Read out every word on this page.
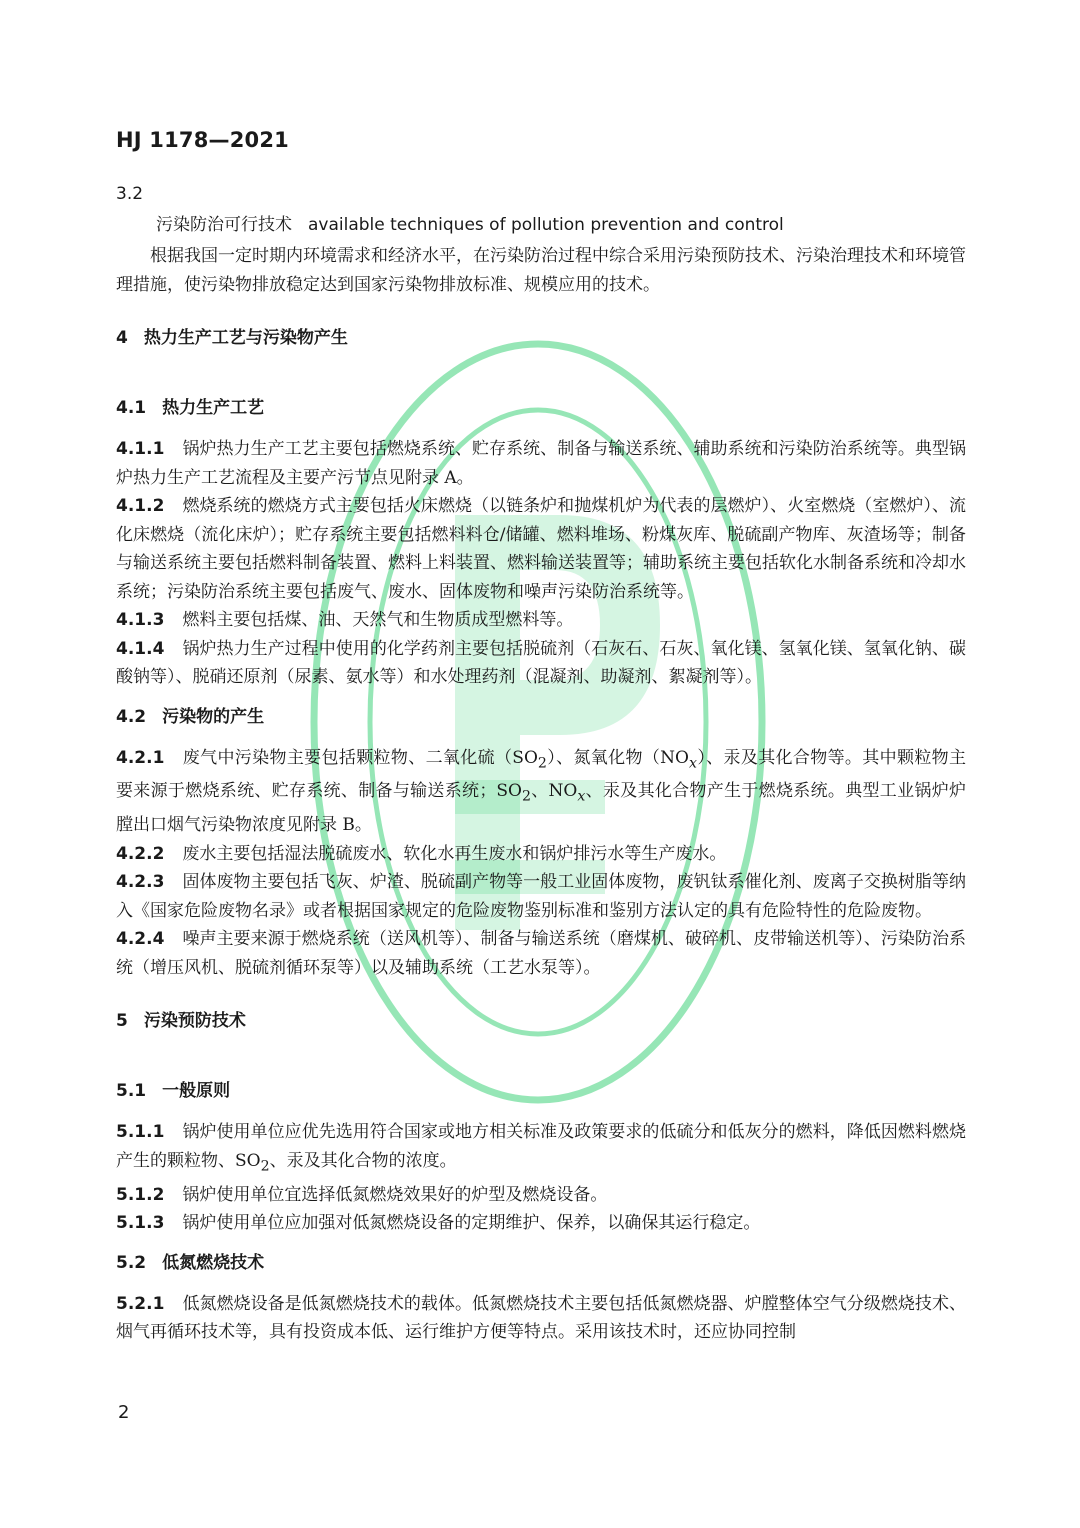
HJ 1178—2021

3.2

污染防治可行技术 available techniques of pollution prevention and control

根据我国一定时期内环境需求和经济水平，在污染防治过程中综合采用污染预防技术、污染治理技术和环境管理措施，使污染物排放稳定达到国家污染物排放标准、规模应用的技术。

4 热力生产工艺与污染物产生
4.1 热力生产工艺

4.1.1 锅炉热力生产工艺主要包括燃烧系统、贮存系统、制备与输送系统、辅助系统和污染防治系统等。典型锅炉热力生产工艺流程及主要产污节点见附录 A。

4.1.2 燃烧系统的燃烧方式主要包括火床燃烧（以链条炉和抛煤机炉为代表的层燃炉）、火室燃烧（室燃炉）、流化床燃烧（流化床炉）；贮存系统主要包括燃料料仓/储罐、燃料堆场、粉煤灰库、脱硫副产物库、灰渣场等；制备与输送系统主要包括燃料制备装置、燃料上料装置、燃料输送装置等；辅助系统主要包括软化水制备系统和冷却水系统；污染防治系统主要包括废气、废水、固体废物和噪声污染防治系统等。

4.1.3 燃料主要包括煤、油、天然气和生物质成型燃料等。

4.1.4 锅炉热力生产过程中使用的化学药剂主要包括脱硫剂（石灰石、石灰、氧化镁、氢氧化镁、氢氧化钠、碳酸钠等）、脱硝还原剂（尿素、氨水等）和水处理药剂（混凝剂、助凝剂、絮凝剂等）。

4.2 污染物的产生

4.2.1 废气中污染物主要包括颗粒物、二氧化硫$(SO_2)$、氮氧化物$(NO_x)$、汞及其化合物等。其中颗粒物主要来源于燃烧系统、贮存系统、制备与输送系统；$SO_2$、$NO_x$、汞及其化合物产生于燃烧系统。典型工业锅炉炉膛出口烟气污染物浓度见附录 B。

4.2.2 废水主要包括湿法脱硫废水、软化水再生废水和锅炉排污水等生产废水。

4.2.3 固体废物主要包括飞灰、炉渣、脱硫副产物等一般工业固体废物，废钒钛系催化剂、废离子交换树脂等纳入《国家危险废物名录》或者根据国家规定的危险废物鉴别标准和鉴别方法认定的具有危险特性的危险废物。

4.2.4 噪声主要来源于燃烧系统（送风机等）、制备与输送系统（磨煤机、破碎机、皮带输送机等）、污染防治系统（增压风机、脱硫剂循环泵等）以及辅助系统（工艺水泵等）。

5 污染预防技术
5.1 一般原则

5.1.1 锅炉使用单位应优先选用符合国家或地方相关标准及政策要求的低硫分和低灰分的燃料，降低因燃料燃烧产生的颗粒物、$SO_2$、汞及其化合物的浓度。

5.1.2 锅炉使用单位宜选择低氮燃烧效果好的炉型及燃烧设备。

5.1.3 锅炉使用单位应加强对低氮燃烧设备的定期维护、保养，以确保其运行稳定。

5.2 低氮燃烧技术

5.2.1 低氮燃烧设备是低氮燃烧技术的载体。低氮燃烧技术主要包括低氮燃烧器、炉膛整体空气分级燃烧技术、烟气再循环技术等，具有投资成本低、运行维护方便等特点。采用该技术时，还应协同控制

2
